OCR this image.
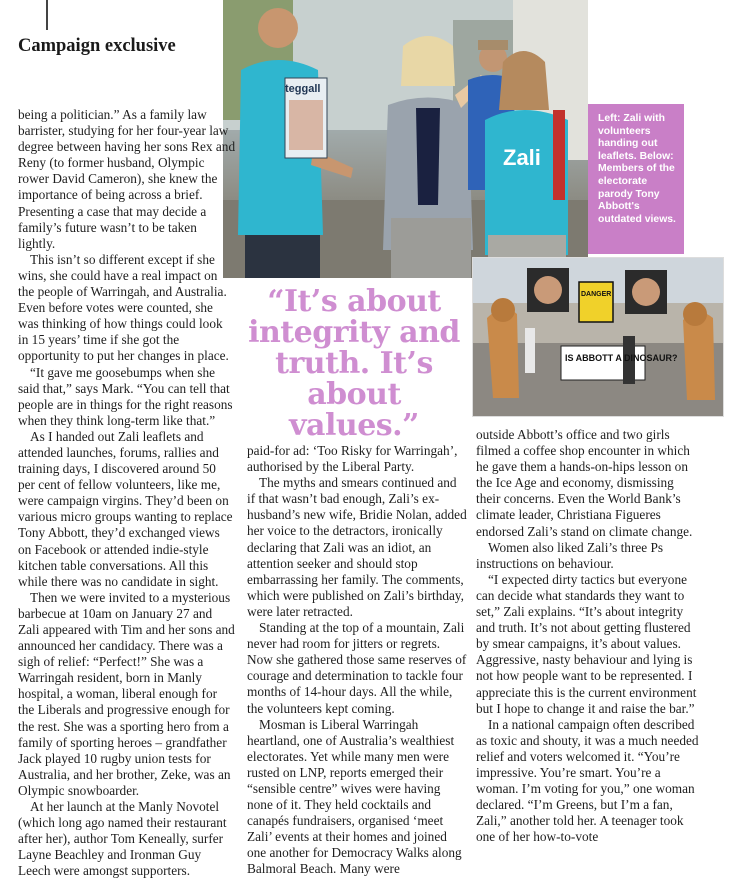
Campaign exclusive
teggall
Zali
Left: Zali with volunteers handing out leaflets. Below: Members of the electorate parody Tony Abbott's outdated views.
DANGER
IS ABBOTT A DINOSAUR?
“It’s about integrity and truth. It’s about values.”

being a politician.” As a family law barrister, studying for her four-year law degree between having her sons Rex and Reny (to former husband, Olympic rower David Cameron), she knew the importance of being across a brief. Presenting a case that may decide a family’s future wasn’t to be taken lightly.

This isn’t so different except if she wins, she could have a real impact on the people of Warringah, and Australia. Even before votes were counted, she was thinking of how things could look in 15 years’ time if she got the opportunity to put her changes in place.

“It gave me goosebumps when she said that,” says Mark. “You can tell that people are in things for the right reasons when they think long-term like that.”

As I handed out Zali leaflets and attended launches, forums, rallies and training days, I discovered around 50 per cent of fellow volunteers, like me, were campaign virgins. They’d been on various micro groups wanting to replace Tony Abbott, they’d exchanged views on Facebook or attended indie-style kitchen table conversations. All this while there was no candidate in sight.

Then we were invited to a mysterious barbecue at 10am on January 27 and Zali appeared with Tim and her sons and announced her candidacy. There was a sigh of relief: “Perfect!” She was a Warringah resident, born in Manly hospital, a woman, liberal enough for the Liberals and progressive enough for the rest. She was a sporting hero from a family of sporting heroes – grandfather Jack played 10 rugby union tests for Australia, and her brother, Zeke, was an Olympic snowboarder.

At her launch at the Manly Novotel (which long ago named their restaurant after her), author Tom Keneally, surfer Layne Beachley and Ironman Guy Leech were amongst supporters.

paid-for ad: ‘Too Risky for Warringah’, authorised by the Liberal Party.

The myths and smears continued and if that wasn’t bad enough, Zali’s ex-husband’s new wife, Bridie Nolan, added her voice to the detractors, ironically declaring that Zali was an idiot, an attention seeker and should stop embarrassing her family. The comments, which were published on Zali’s birthday, were later retracted.

Standing at the top of a mountain, Zali never had room for jitters or regrets. Now she gathered those same reserves of courage and determination to tackle four months of 14-hour days. All the while, the volunteers kept coming.

Mosman is Liberal Warringah heartland, one of Australia’s wealthiest electorates. Yet while many men were rusted on LNP, reports emerged their “sensible centre” wives were having none of it. They held cocktails and canapés fundraisers, organised ‘meet Zali’ events at their homes and joined one another for Democracy Walks along Balmoral Beach. Many were

outside Abbott’s office and two girls filmed a coffee shop encounter in which he gave them a hands-on-hips lesson on the Ice Age and economy, dismissing their concerns. Even the World Bank’s climate leader, Christiana Figueres endorsed Zali’s stand on climate change.

Women also liked Zali’s three Ps instructions on behaviour.

“I expected dirty tactics but everyone can decide what standards they want to set,” Zali explains. “It’s about integrity and truth. It’s not about getting flustered by smear campaigns, it’s about values. Aggressive, nasty behaviour and lying is not how people want to be represented. I appreciate this is the current environment but I hope to change it and raise the bar.”

In a national campaign often described as toxic and shouty, it was a much needed relief and voters welcomed it. “You’re impressive. You’re smart. You’re a woman. I’m voting for you,” one woman declared. “I’m Greens, but I’m a fan, Zali,” another told her. A teenager took one of her how-to-vote
